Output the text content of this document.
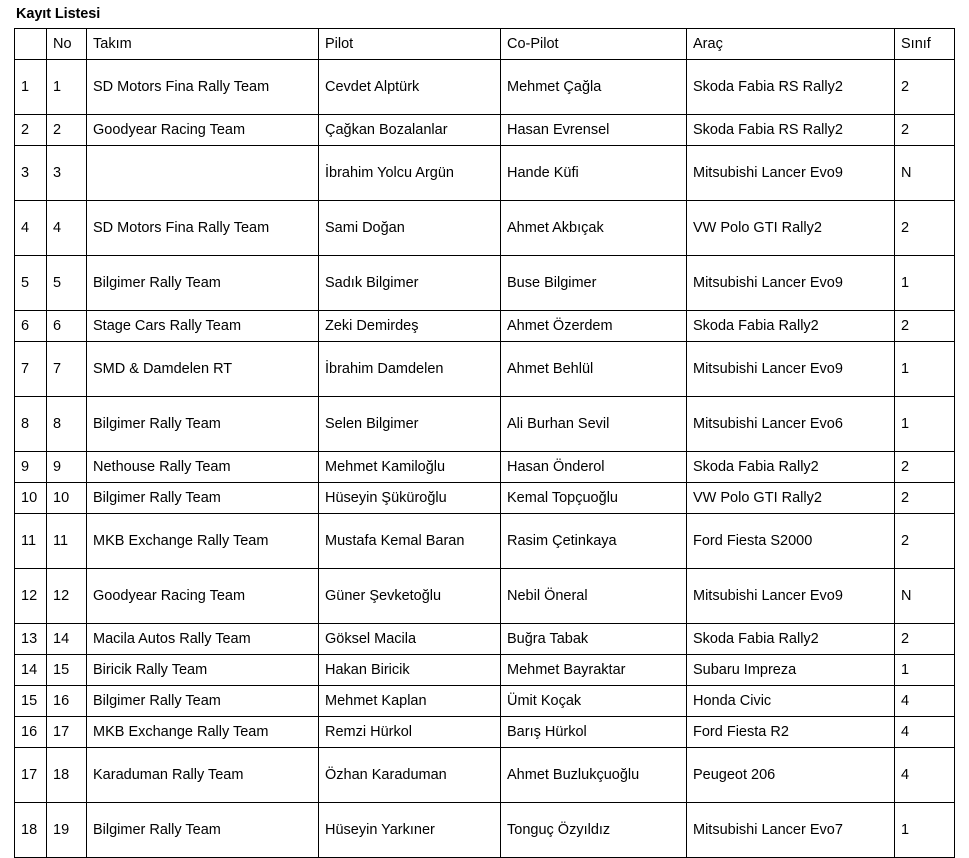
Kayıt Listesi
	No	Takım	Pilot	Co-Pilot	Araç	Sınıf
1	1	SD Motors Fina Rally Team	Cevdet Alptürk	Mehmet Çağla	Skoda Fabia RS Rally2	2
2	2	Goodyear Racing Team	Çağkan Bozalanlar	Hasan Evrensel	Skoda Fabia RS Rally2	2
3	3		İbrahim Yolcu Argün	Hande Küfi	Mitsubishi Lancer Evo9	N
4	4	SD Motors Fina Rally Team	Sami Doğan	Ahmet Akbıçak	VW Polo GTI Rally2	2
5	5	Bilgimer Rally Team	Sadık Bilgimer	Buse Bilgimer	Mitsubishi Lancer Evo9	1
6	6	Stage Cars Rally Team	Zeki Demirdeş	Ahmet Özerdem	Skoda Fabia Rally2	2
7	7	SMD & Damdelen RT	İbrahim Damdelen	Ahmet Behlül	Mitsubishi Lancer Evo9	1
8	8	Bilgimer Rally Team	Selen Bilgimer	Ali Burhan Sevil	Mitsubishi Lancer Evo6	1
9	9	Nethouse Rally Team	Mehmet Kamiloğlu	Hasan Önderol	Skoda Fabia Rally2	2
10	10	Bilgimer Rally Team	Hüseyin Şüküroğlu	Kemal Topçuoğlu	VW Polo GTI Rally2	2
11	11	MKB Exchange Rally Team	Mustafa Kemal Baran	Rasim Çetinkaya	Ford Fiesta S2000	2
12	12	Goodyear Racing Team	Güner Şevketoğlu	Nebil Öneral	Mitsubishi Lancer Evo9	N
13	14	Macila Autos Rally Team	Göksel Macila	Buğra Tabak	Skoda Fabia Rally2	2
14	15	Biricik Rally Team	Hakan Biricik	Mehmet Bayraktar	Subaru Impreza	1
15	16	Bilgimer Rally Team	Mehmet Kaplan	Ümit Koçak	Honda Civic	4
16	17	MKB Exchange Rally Team	Remzi Hürkol	Barış Hürkol	Ford Fiesta R2	4
17	18	Karaduman Rally Team	Özhan Karaduman	Ahmet Buzlukçuoğlu	Peugeot 206	4
18	19	Bilgimer Rally Team	Hüseyin Yarkıner	Tonguç Özyıldız	Mitsubishi Lancer Evo7	1
